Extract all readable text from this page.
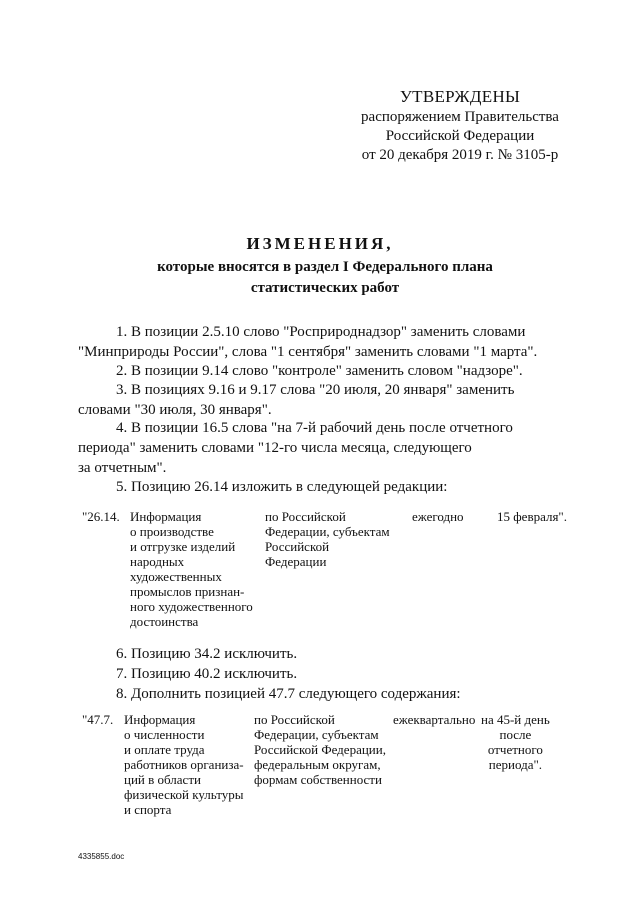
УТВЕРЖДЕНЫ
распоряжением Правительства
Российской Федерации
от 20 декабря 2019 г. № 3105-р
ИЗМЕНЕНИЯ,
которые вносятся в раздел I Федерального плана
статистических работ
1. В позиции 2.5.10 слово "Росприроднадзор" заменить словами
"Минприроды России", слова "1 сентября" заменить словами "1 марта".
2. В позиции 9.14 слово "контроле" заменить словом "надзоре".
3. В позициях 9.16 и 9.17 слова "20 июля, 20 января" заменить
словами "30 июля, 30 января".
4. В позиции 16.5 слова "на 7-й рабочий день после отчетного
периода" заменить словами "12-го числа месяца, следующего
за отчетным".
5. Позицию 26.14 изложить в следующей редакции:
"26.14. Информация
о производстве
и отгрузке изделий
народных
художественных
промыслов признан-
ного художественного
достоинства
по Российской
Федерации, субъектам
Российской
Федерации
ежегодно	15 февраля".
6. Позицию 34.2 исключить.
7. Позицию 40.2 исключить.
8. Дополнить позицией 47.7 следующего содержания:
"47.7. Информация
о численности
и оплате труда
работников организа-
ций в области
физической культуры
и спорта
по Российской
Федерации, субъектам
Российской Федерации,
федеральным округам,
формам собственности
ежеквартально на 45-й день
после
отчетного
периода".
4335855.doc
